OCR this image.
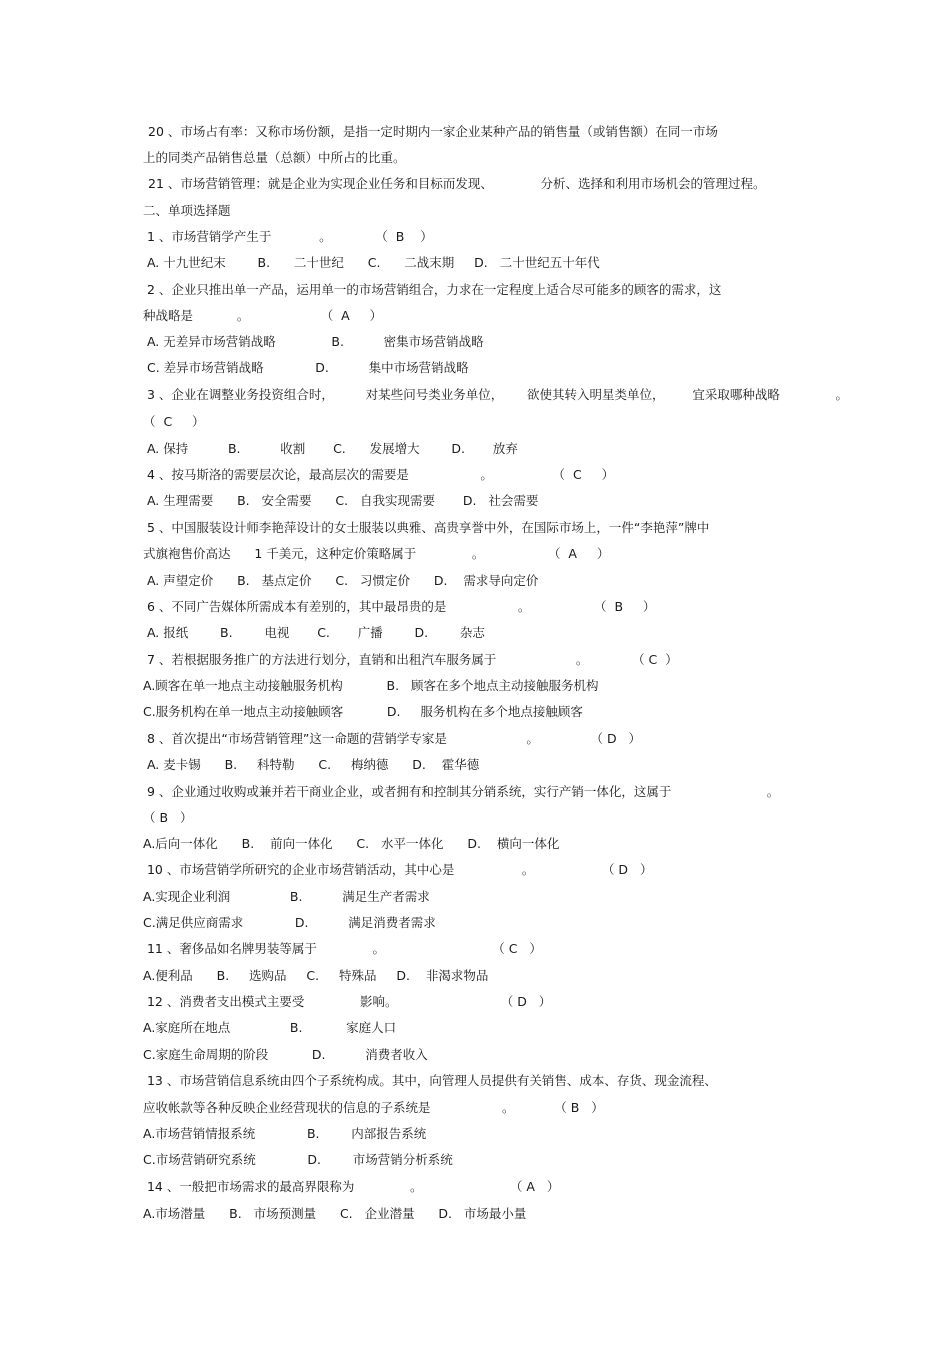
20 、市场占有率：又称市场份额，是指一定时期内一家企业某种产品的销售量（或销售额）在同一市场
上的同类产品销售总量（总额）中所占的比重。
21 、市场营销管理：就是企业为实现企业任务和目标而发现、            分析、选择和利用市场机会的管理过程。
二、单项选择题
1 、市场营销学产生于            。           （  B    ）
A. 十九世纪末        B.      二十世纪      C.      二战末期     D.   二十世纪五十年代
2 、企业只推出单一产品，运用单一的市场营销组合，力求在一定程度上适合尽可能多的顾客的需求，这
种战略是           。                  （  A     ）
A. 无差异市场营销战略              B.          密集市场营销战略
C. 差异市场营销战略             D.          集中市场营销战略
3 、企业在调整业务投资组合时，        对某些问号类业务单位，      欲使其转入明星类单位，       宜采取哪种战略              。
（  C     ）
A. 保持          B.          收割       C.      发展增大        D.       放弃
4 、按马斯洛的需要层次论，最高层次的需要是                  。               （  C     ）
A. 生理需要      B.   安全需要      C.   自我实现需要       D.   社会需要
5 、中国服装设计师李艳萍设计的女士服装以典雅、高贵享誉中外，在国际市场上，一件“李艳萍”牌中
式旗袍售价高达      1 千美元，这种定价策略属于              。                （  A     ）
A. 声望定价      B.   基点定价      C.   习惯定价      D.    需求导向定价
6 、不同广告媒体所需成本有差别的，其中最昂贵的是                  。                （  B     ）
A. 报纸        B.        电视       C.       广播        D.        杂志
7 、若根据服务推广的方法进行划分，直销和出租汽车服务属于                    。           （ C  ）
A.顾客在单一地点主动接触服务机构           B.   顾客在多个地点主动接触服务机构
C.服务机构在单一地点主动接触顾客           D.     服务机构在多个地点接触顾客
8 、首次提出“市场营销管理”这一命题的营销学专家是                    。             （ D   ）
A. 麦卡锡      B.     科特勒      C.     梅纳德      D.    霍华德
9 、企业通过收购或兼并若干商业企业，或者拥有和控制其分销系统，实行产销一体化，这属于                        。
（ B   ）
A.后向一体化      B.    前向一体化      C.   水平一体化      D.    横向一体化
10 、市场营销学所研究的企业市场营销活动，其中心是                 。                 （ D   ）
A.实现企业利润               B.          满足生产者需求
C.满足供应商需求             D.          满足消费者需求
11 、奢侈品如名牌男装等属于              。                           （ C   ）
A.便利品      B.     选购品     C.     特殊品     D.    非渴求物品
12 、消费者支出模式主要受              影响。                          （ D   ）
A.家庭所在地点               B.           家庭人口
C.家庭生命周期的阶段           D.          消费者收入
13 、市场营销信息系统由四个子系统构成。其中，向管理人员提供有关销售、成本、存货、现金流程、
应收帐款等各种反映企业经营现状的信息的子系统是                  。          （ B   ）
A.市场营销情报系统             B.        内部报告系统
C.市场营销研究系统             D.        市场营销分析系统
14 、一般把市场需求的最高界限称为              。                      （ A   ）
A.市场潜量      B.   市场预测量      C.   企业潜量      D.   市场最小量
